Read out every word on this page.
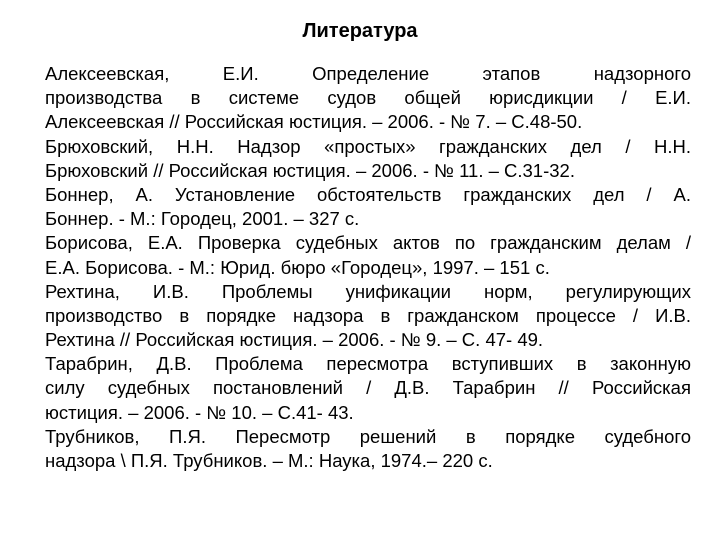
Литература
Алексеевская, Е.И. Определение этапов надзорного
производства в системе судов общей юрисдикции / Е.И.
Алексеевская // Российская юстиция. – 2006. - № 7. – С.48-50.
Брюховский, Н.Н. Надзор «простых» гражданских дел / Н.Н.
Брюховский // Российская юстиция. – 2006. - № 11. – С.31-32.
Боннер, А. Установление обстоятельств гражданских дел / А.
Боннер. - М.: Городец, 2001. – 327 с.
Борисова, Е.А. Проверка судебных актов по гражданским делам /
Е.А. Борисова. - М.: Юрид. бюро «Городец», 1997. – 151 с.
Рехтина, И.В. Проблемы унификации норм, регулирующих
производство в порядке надзора в гражданском процессе / И.В.
Рехтина // Российская юстиция. – 2006. - № 9. – С. 47- 49.
Тарабрин, Д.В. Проблема пересмотра вступивших в законную
силу судебных постановлений / Д.В. Тарабрин // Российская
юстиция. – 2006. - № 10. – С.41- 43.
Трубников, П.Я. Пересмотр решений в порядке судебного
надзора \ П.Я. Трубников. – М.: Наука, 1974.– 220 с.
